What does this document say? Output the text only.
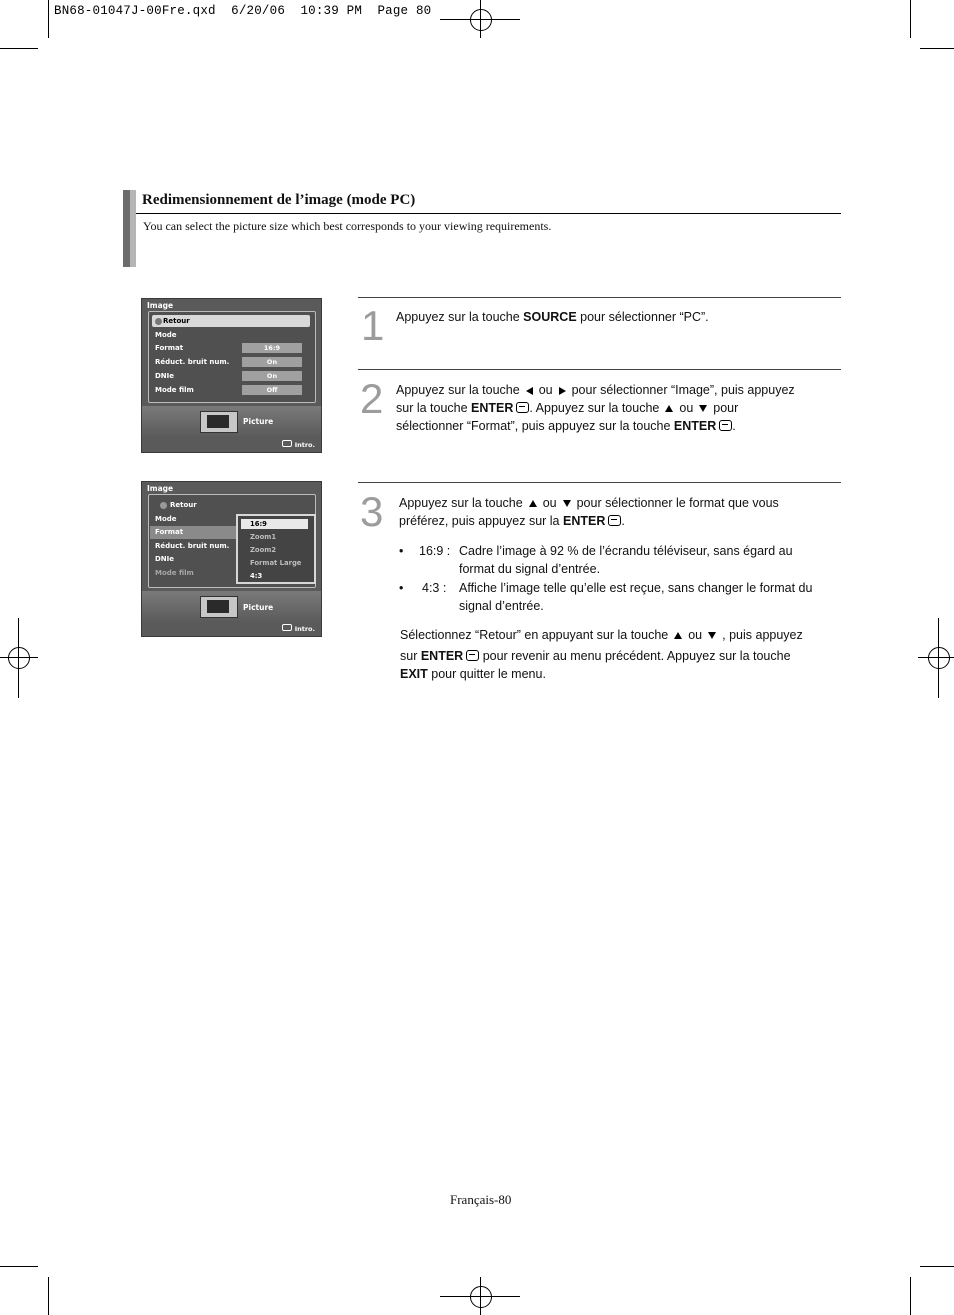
BN68-01047J-00Fre.qxd  6/20/06  10:39 PM  Page 80
Redimensionnement de l’image (mode PC)
You can select the picture size which best corresponds to your viewing requirements.
Image
Retour
Mode
Format
Réduct. bruit num.
DNIe
Mode film
16:9
On
On
Off
Picture
Intro.
Image
Retour
Mode
Format
Réduct. bruit num.
DNIe
Mode film
16:9
Zoom1
Zoom2
Format Large
4:3
Picture
Intro.
1 Appuyez sur la touche SOURCE pour sélectionner “PC”.
2 Appuyez sur la touche ou pour sélectionner “Image”, puis appuyez
sur la touche ENTER . Appuyez sur la touche ou pour
sélectionner “Format”, puis appuyez sur la touche ENTER .
3 Appuyez sur la touche ou pour sélectionner le format que vous
préférez, puis appuyez sur la ENTER .
• 16:9 : Cadre l’image à 92 % de l’écrandu téléviseur, sans égard au
format du signal d’entrée.
• 4:3 : Affiche l’image telle qu’elle est reçue, sans changer le format du
signal d’entrée.
Sélectionnez “Retour” en appuyant sur la touche ou , puis appuyez
sur ENTER pour revenir au menu précédent. Appuyez sur la touche
EXIT pour quitter le menu.
Français-80
